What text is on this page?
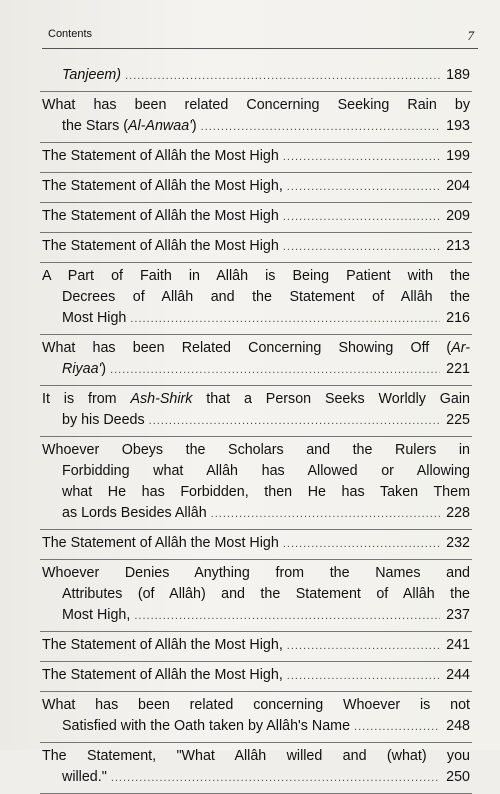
Contents	7
Tanjeem) .....	189
What has been related Concerning Seeking Rain by
the Stars (Al-Anwaa') .....	193
The Statement of Allâh the Most High .....	199
The Statement of Allâh the Most High, .....	204
The Statement of Allâh the Most High .....	209
The Statement of Allâh the Most High .....	213
A Part of Faith in Allâh is Being Patient with the
Decrees of Allâh and the Statement of Allâh the
Most High .....	216
What has been Related Concerning Showing Off (Ar-
Riyaa') .....	221
It is from Ash-Shirk that a Person Seeks Worldly Gain
by his Deeds .....	225
Whoever Obeys the Scholars and the Rulers in
Forbidding what Allâh has Allowed or Allowing
what He has Forbidden, then He has Taken Them
as Lords Besides Allâh .....	228
The Statement of Allâh the Most High .....	232
Whoever Denies Anything from the Names and
Attributes (of Allâh) and the Statement of Allâh the
Most High, .....	237
The Statement of Allâh the Most High, .....	241
The Statement of Allâh the Most High, .....	244
What has been related concerning Whoever is not
Satisfied with the Oath taken by Allâh's Name .....	248
The Statement, "What Allâh willed and (what) you
willed." .....	250
